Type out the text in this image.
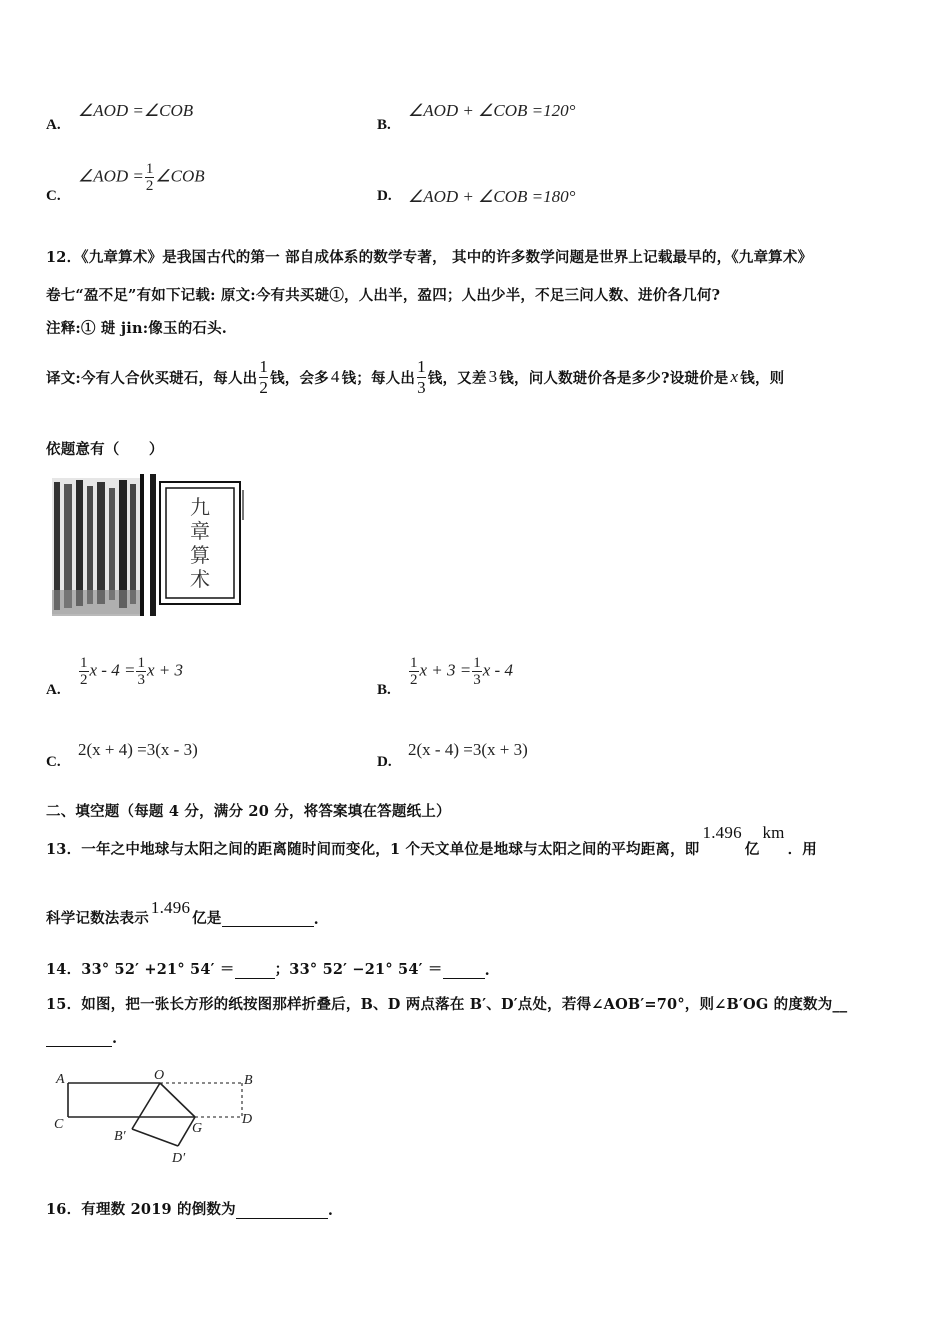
A.
∠AOD =∠COB
B.
∠AOD + ∠COB =120°
C.
∠AOD = $\frac{1}{2}$ ∠COB
D. ∠AOD + ∠COB =180°
12．《九章算术》是我国古代的第一 部自成体系的数学专著， 其中的许多数学问题是世界上记载最早的，《九章算术》
卷七“盈不足”有如下记载: 原文:今有共买琎①，人出半，盈四；人出少半，不足三问人数、进价各几何?
注释:① 琎 jin:像玉的石头.
译文:今有人合伙买琎石，每人出 $\frac{1}{2}$ 钱，会多 4 钱；每人出 $\frac{1}{3}$ 钱，又差 3 钱，问人数琎价各是多少?设琎价是 x 钱，则
依题意有（　　）
九
章
算
术
A.
$\frac{1}{2}$ $x - 4 = \frac{1}{3}$ x + 3
B.
$\frac{1}{2}$ $x + 3 = \frac{1}{3}$ x - 4
C.
2(x + 4) =3(x - 3)
D.
2(x - 4) =3(x + 3)
二、填空题（每题 4 分，满分 20 分，将答案填在答题纸上）
13．一年之中地球与太阳之间的距离随时间而变化，1 个天文单位是地球与太阳之间的平均距离，即
1.496
亿
km
．用
科学记数法表示
1.496
亿是	.
14．33° 52′ +21° 54′ ＝	；33° 52′ −21° 54′ ＝	.
15．如图，把一张长方形的纸按图那样折叠后，B、D 两点落在 B′、D′点处，若得∠AOB′=70°，则∠B′OG 的度数为__
.
A	O	B
C	D
G
B′
D′
16．有理数 2019 的倒数为	.
